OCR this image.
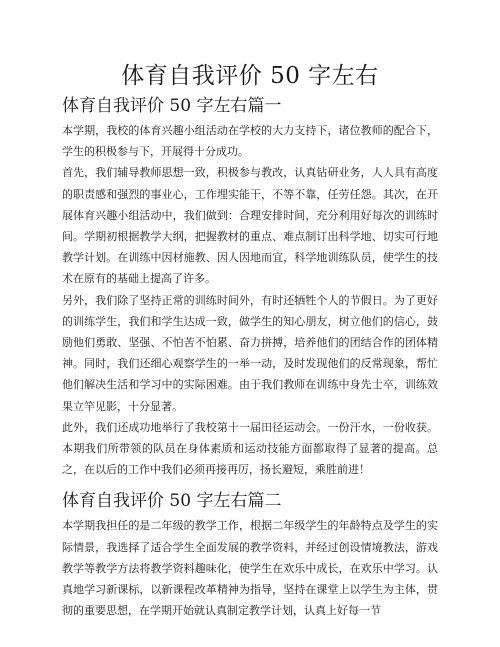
体育自我评价 50 字左右
体育自我评价 50 字左右篇一

本学期，我校的体育兴趣小组活动在学校的大力支持下，诸位教师的配合下，学生的积极参与下，开展得十分成功。

首先，我们辅导教师思想一致，积极参与教改，认真钻研业务，人人具有高度的职责感和强烈的事业心，工作埋实能干，不等不靠，任劳任怨。其次，在开展体育兴趣小组活动中，我们做到：合理安排时间，充分利用好每次的训练时间。学期初根据教学大纲，把握教材的重点、难点制订出科学地、切实可行地教学计划。在训练中因材施教、因人因地而宜，科学地训练队员，使学生的技术在原有的基础上提高了许多。

另外，我们除了坚持正常的训练时间外，有时还牺牲个人的节假日。为了更好的训练学生，我们和学生达成一致，做学生的知心朋友，树立他们的信心，鼓励他们勇敢、坚强、不怕苦不怕累、奋力拼搏，培养他们的团结合作的团体精神。同时，我们还细心观察学生的一举一动，及时发现他们的反常现象，帮忙他们解决生活和学习中的实际困难。由于我们教师在训练中身先士卒，训练效果立竿见影，十分显著。

此外，我们还成功地举行了我校第十一届田径运动会。一份汗水，一份收获。本期我们所带领的队员在身体素质和运动技能方面都取得了显著的提高。总之，在以后的工作中我们必须再接再厉，扬长避短，乘胜前进！

体育自我评价 50 字左右篇二

本学期我担任的是二年级的教学工作，根据二年级学生的年龄特点及学生的实际情景，我选择了适合学生全面发展的教学资料，并经过创设情境教法，游戏教学等教学方法将教学资料趣味化，使学生在欢乐中成长，在欢乐中学习。认真地学习新课标，以新课程改革精神为指导，坚持在课堂上以学生为主体，贯彻的重要思想，在学期开始就认真制定教学计划，认真上好每一节
